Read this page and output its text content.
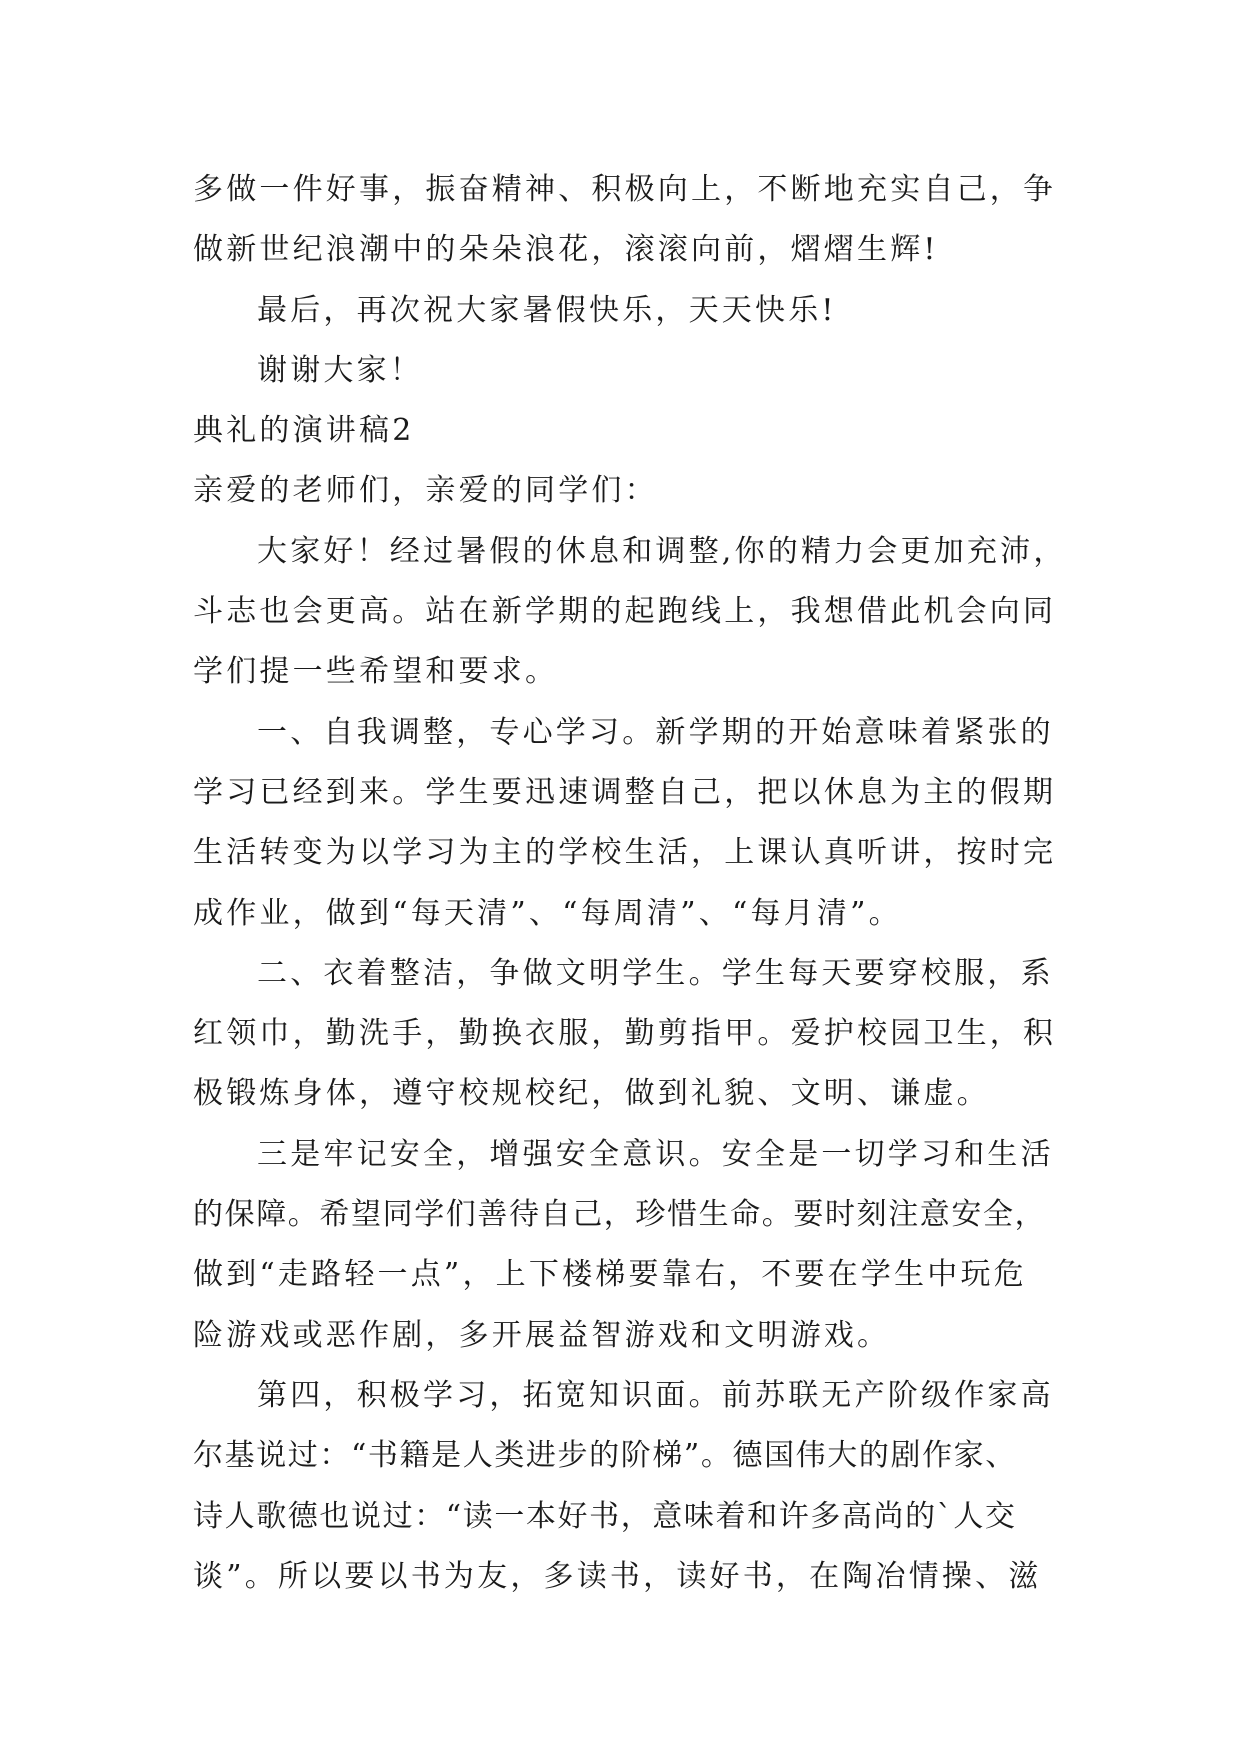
多做一件好事，振奋精神、积极向上，不断地充实自己，争
做新世纪浪潮中的朵朵浪花，滚滚向前，熠熠生辉!
最后，再次祝大家暑假快乐，天天快乐!
谢谢大家！
典礼的演讲稿2
亲爱的老师们，亲爱的同学们：
大家好！经过暑假的休息和调整,你的精力会更加充沛，
斗志也会更高。站在新学期的起跑线上，我想借此机会向同
学们提一些希望和要求。
一、自我调整，专心学习。新学期的开始意味着紧张的
学习已经到来。学生要迅速调整自己，把以休息为主的假期
生活转变为以学习为主的学校生活，上课认真听讲，按时完
成作业，做到“每天清”、“每周清”、“每月清”。
二、衣着整洁，争做文明学生。学生每天要穿校服，系
红领巾，勤洗手，勤换衣服，勤剪指甲。爱护校园卫生，积
极锻炼身体，遵守校规校纪，做到礼貌、文明、谦虚。
三是牢记安全，增强安全意识。安全是一切学习和生活
的保障。希望同学们善待自己，珍惜生命。要时刻注意安全，
做到“走路轻一点”，上下楼梯要靠右，不要在学生中玩危
险游戏或恶作剧，多开展益智游戏和文明游戏。
第四，积极学习，拓宽知识面。前苏联无产阶级作家高
尔基说过：“书籍是人类进步的阶梯”。德国伟大的剧作家、
诗人歌德也说过：“读一本好书，意味着和许多高尚的`人交
谈”。所以要以书为友，多读书，读好书，在陶冶情操、滋
